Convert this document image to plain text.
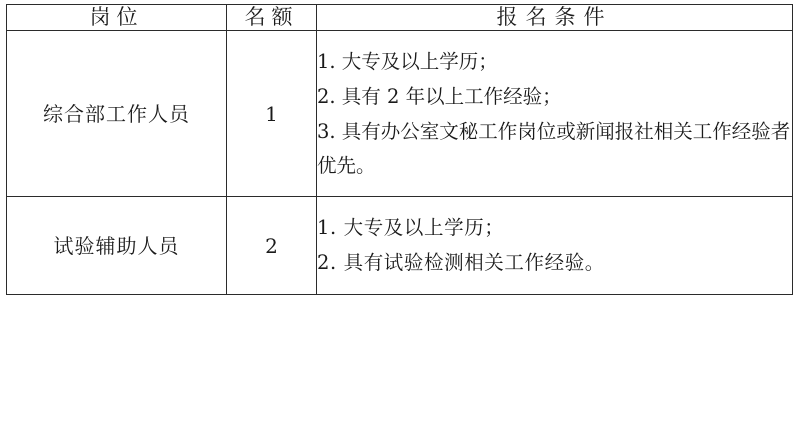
岗位	名额	报名条件
综合部工作人员	1	1. 大专及以上学历；
2. 具有 2 年以上工作经验；
3. 具有办公室文秘工作岗位或新闻报社相关工作经验者优先。

试验辅助人员	2	1. 大专及以上学历；
2. 具有试验检测相关工作经验。
